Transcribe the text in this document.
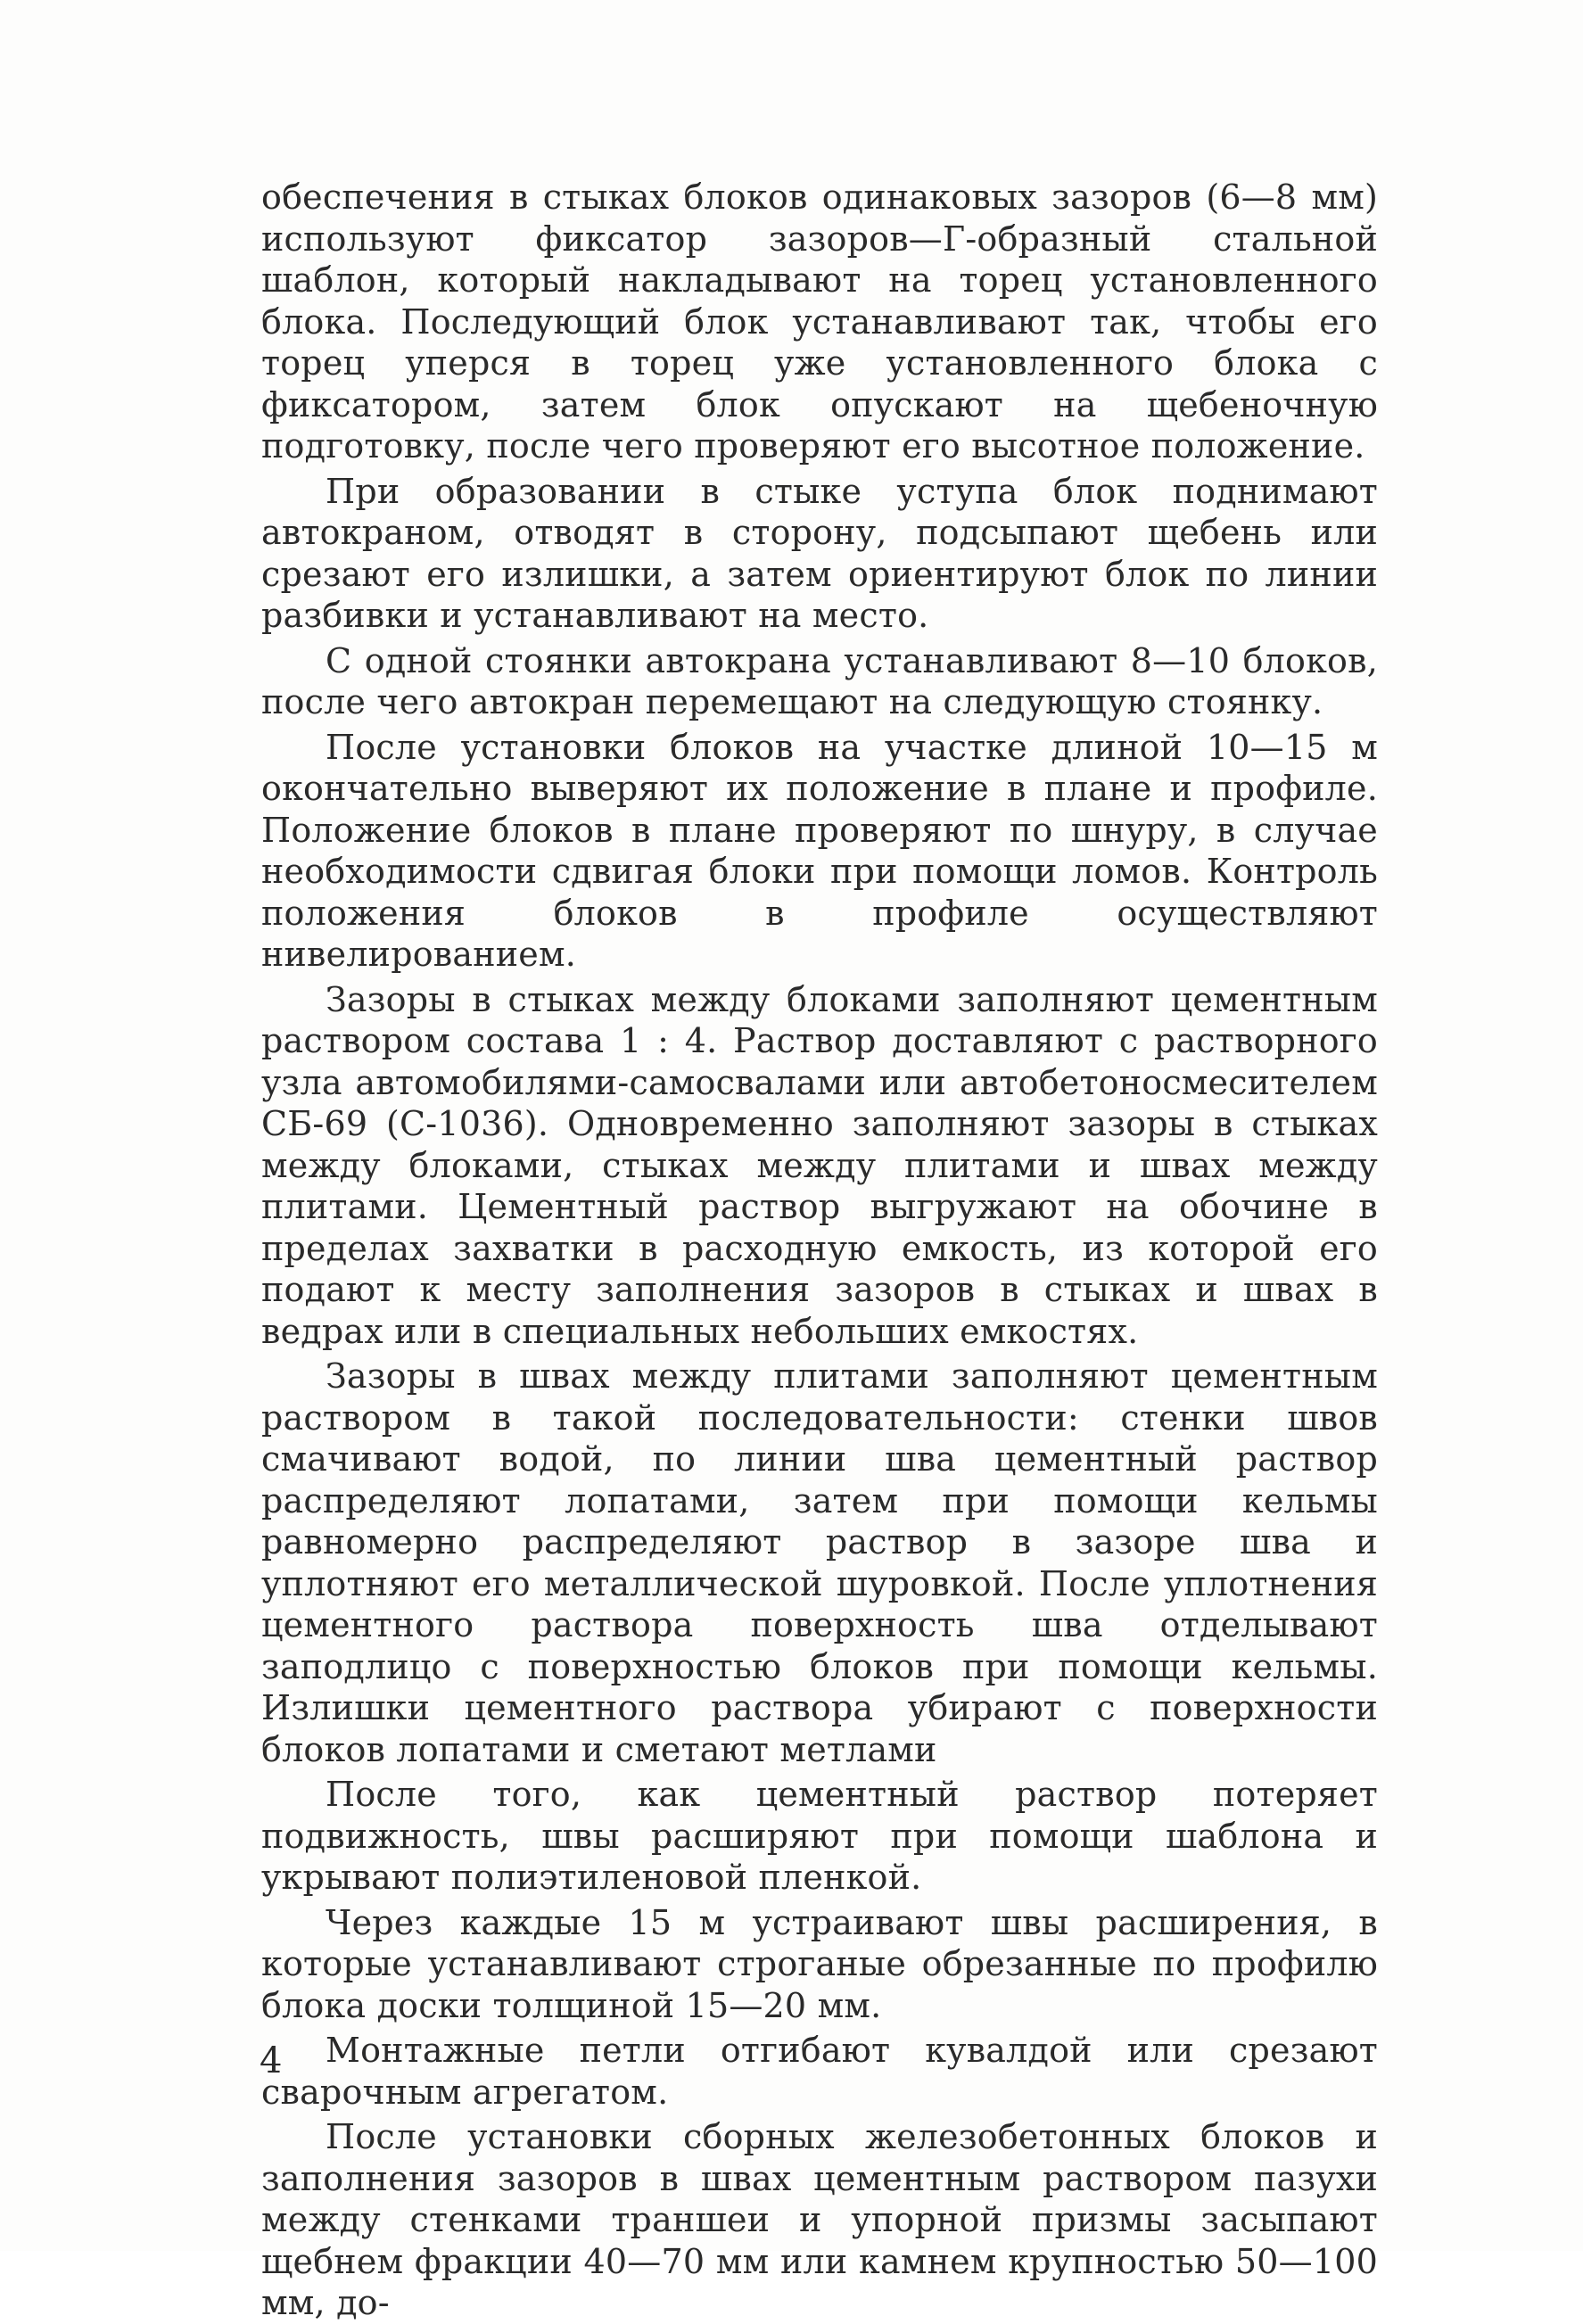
обеспечения в стыках блоков одинаковых зазоров (6—8 мм) используют фиксатор зазоров—Г-образный стальной шаблон, который накладывают на торец установленного блока. Последующий блок устанавливают так, чтобы его торец уперся в торец уже установленного блока с фиксатором, затем блок опускают на щебеночную подготовку, после чего проверяют его высотное положение.

При образовании в стыке уступа блок поднимают автокраном, отводят в сторону, подсыпают щебень или срезают его излишки, а затем ориентируют блок по линии разбивки и устанавливают на место.

С одной стоянки автокрана устанавливают 8—10 блоков, после чего автокран перемещают на следующую стоянку.

После установки блоков на участке длиной 10—15 м окончательно выверяют их положение в плане и профиле. Положение блоков в плане проверяют по шнуру, в случае необходимости сдвигая блоки при помощи ломов. Контроль положения блоков в профиле осуществляют нивелированием.

Зазоры в стыках между блоками заполняют цементным раствором состава 1 : 4. Раствор доставляют с растворного узла автомобилями-самосвалами или автобетоносмесителем СБ-69 (С-1036). Одновременно заполняют зазоры в стыках между блоками, стыках между плитами и швах между плитами. Цементный раствор выгружают на обочине в пределах захватки в расходную емкость, из которой его подают к месту заполнения зазоров в стыках и швах в ведрах или в специальных небольших емкостях.

Зазоры в швах между плитами заполняют цементным раствором в такой последовательности: стенки швов смачивают водой, по линии шва цементный раствор распределяют лопатами, затем при помощи кельмы равномерно распределяют раствор в зазоре шва и уплотняют его металлической шуровкой. После уплотнения цементного раствора поверхность шва отделывают заподлицо с поверхностью блоков при помощи кельмы. Излишки цементного раствора убирают с поверхности блоков лопатами и сметают метлами

После того, как цементный раствор потеряет подвижность, швы расширяют при помощи шаблона и укрывают полиэтиленовой пленкой.

Через каждые 15 м устраивают швы расширения, в которые устанавливают строганые обрезанные по профилю блока доски толщиной 15—20 мм.

Монтажные петли отгибают кувалдой или срезают сварочным агрегатом.

После установки сборных железобетонных блоков и заполнения зазоров в швах цементным раствором пазухи между стенками траншеи и упорной призмы засыпают щебнем фракции 40—70 мм или камнем крупностью 50—100 мм, до-

4
